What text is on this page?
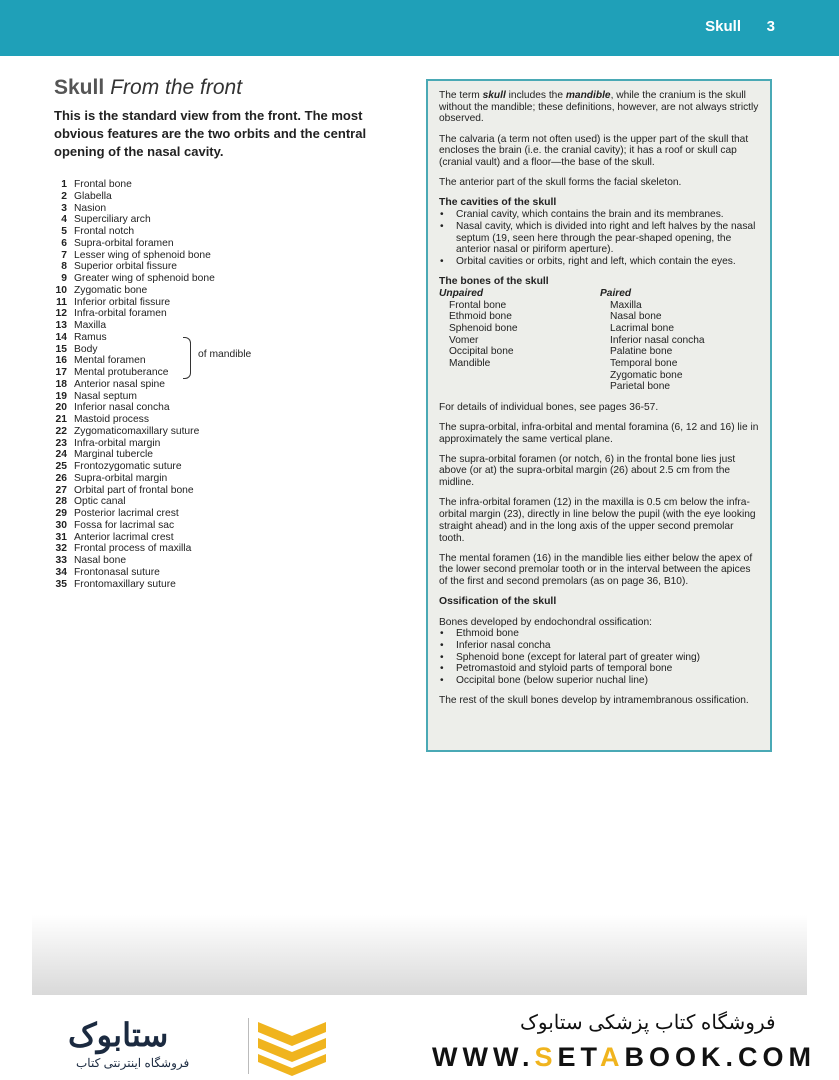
Skull 3
Skull From the front
This is the standard view from the front. The most obvious features are the two orbits and the central opening of the nasal cavity.
1 Frontal bone
2 Glabella
3 Nasion
4 Superciliary arch
5 Frontal notch
6 Supra-orbital foramen
7 Lesser wing of sphenoid bone
8 Superior orbital fissure
9 Greater wing of sphenoid bone
10 Zygomatic bone
11 Inferior orbital fissure
12 Infra-orbital foramen
13 Maxilla
14 Ramus
15 Body
16 Mental foramen
17 Mental protuberance
18 Anterior nasal spine
19 Nasal septum
20 Inferior nasal concha
21 Mastoid process
22 Zygomaticomaxillary suture
23 Infra-orbital margin
24 Marginal tubercle
25 Frontozygomatic suture
26 Supra-orbital margin
27 Orbital part of frontal bone
28 Optic canal
29 Posterior lacrimal crest
30 Fossa for lacrimal sac
31 Anterior lacrimal crest
32 Frontal process of maxilla
33 Nasal bone
34 Frontonasal suture
35 Frontomaxillary suture
of mandible

The term skull includes the mandible, while the cranium is the skull without the mandible; these definitions, however, are not always strictly observed.

The calvaria (a term not often used) is the upper part of the skull that encloses the brain (i.e. the cranial cavity); it has a roof or skull cap (cranial vault) and a floor—the base of the skull.

The anterior part of the skull forms the facial skeleton.

The cavities of the skull
• Cranial cavity, which contains the brain and its membranes.
• Nasal cavity, which is divided into right and left halves by the nasal septum (19, seen here through the pear-shaped opening, the anterior nasal or piriform aperture).
• Orbital cavities or orbits, right and left, which contain the eyes.
The bones of the skull
Unpaired
Frontal bone
Ethmoid bone
Sphenoid bone
Vomer
Occipital bone
Mandible
Paired
Maxilla
Nasal bone
Lacrimal bone
Inferior nasal concha
Palatine bone
Temporal bone
Zygomatic bone
Parietal bone

For details of individual bones, see pages 36-57.

The supra-orbital, infra-orbital and mental foramina (6, 12 and 16) lie in approximately the same vertical plane.

The supra-orbital foramen (or notch, 6) in the frontal bone lies just above (or at) the supra-orbital margin (26) about 2.5 cm from the midline.

The infra-orbital foramen (12) in the maxilla is 0.5 cm below the infra-orbital margin (23), directly in line below the pupil (with the eye looking straight ahead) and in the long axis of the upper second premolar tooth.

The mental foramen (16) in the mandible lies either below the apex of the lower second premolar tooth or in the interval between the apices of the first and second premolars (as on page 36, B10).

Ossification of the skull
Bones developed by endochondral ossification:
• Ethmoid bone
• Inferior nasal concha
• Sphenoid bone (except for lateral part of greater wing)
• Petromastoid and styloid parts of temporal bone
• Occipital bone (below superior nuchal line)

The rest of the skull bones develop by intramembranous ossification.

ستابوک
فروشگاه اینترنتی کتاب
فروشگاه کتاب پزشکی ستابوک
WWW.SETABOOK.COM
